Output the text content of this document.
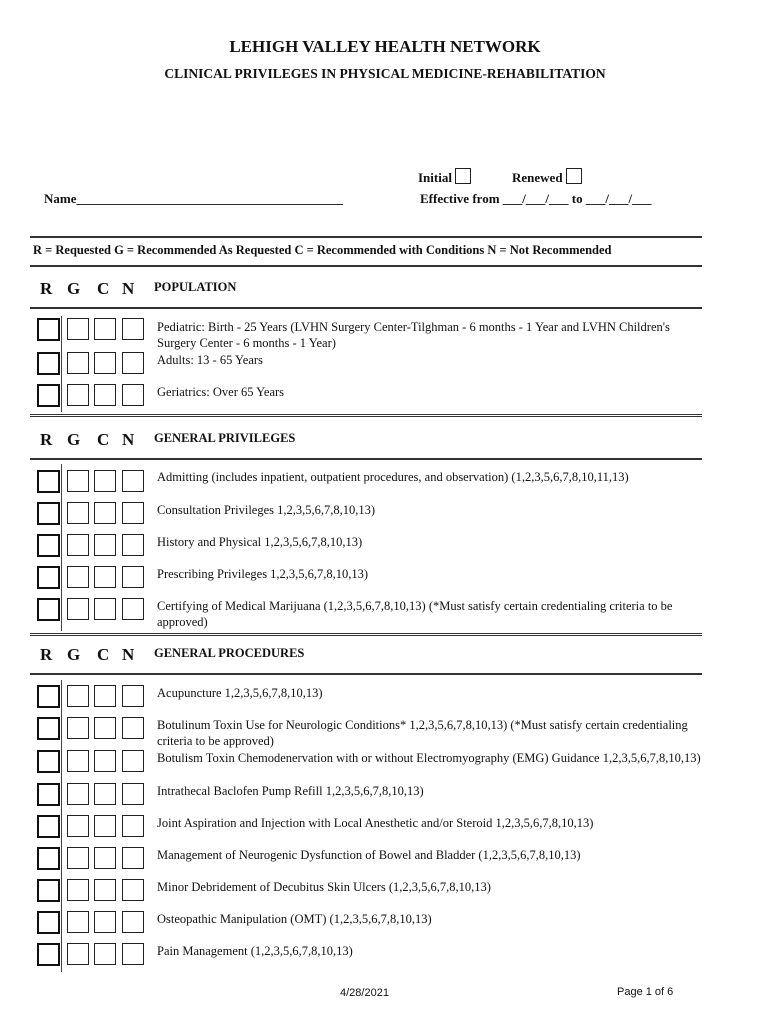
LEHIGH VALLEY HEALTH NETWORK
CLINICAL PRIVILEGES IN PHYSICAL MEDICINE-REHABILITATION
Initial	Renewed
Name_________________________________________	Effective from ___/___/___ to ___/___/___
R = Requested G = Recommended As Requested C = Recommended with Conditions N = Not Recommended
R G C N POPULATION
Pediatric: Birth - 25 Years (LVHN Surgery Center-Tilghman - 6 months - 1 Year and LVHN Children's Surgery Center - 6 months - 1 Year)
Adults: 13 - 65 Years
Geriatrics: Over 65 Years
R G C N GENERAL PRIVILEGES
Admitting (includes inpatient, outpatient procedures, and observation) (1,2,3,5,6,7,8,10,11,13)
Consultation Privileges 1,2,3,5,6,7,8,10,13)
History and Physical 1,2,3,5,6,7,8,10,13)
Prescribing Privileges 1,2,3,5,6,7,8,10,13)
Certifying of Medical Marijuana (1,2,3,5,6,7,8,10,13) (*Must satisfy certain credentialing criteria to be approved)
R G C N GENERAL PROCEDURES
Acupuncture 1,2,3,5,6,7,8,10,13)
Botulinum Toxin Use for Neurologic Conditions* 1,2,3,5,6,7,8,10,13) (*Must satisfy certain credentialing criteria to be approved)
Botulism Toxin Chemodenervation with or without Electromyography (EMG) Guidance 1,2,3,5,6,7,8,10,13)
Intrathecal Baclofen Pump Refill 1,2,3,5,6,7,8,10,13)
Joint Aspiration and Injection with Local Anesthetic and/or Steroid 1,2,3,5,6,7,8,10,13)
Management of Neurogenic Dysfunction of Bowel and Bladder (1,2,3,5,6,7,8,10,13)
Minor Debridement of Decubitus Skin Ulcers (1,2,3,5,6,7,8,10,13)
Osteopathic Manipulation (OMT) (1,2,3,5,6,7,8,10,13)
Pain Management (1,2,3,5,6,7,8,10,13)
4/28/2021	Page 1 of 6
